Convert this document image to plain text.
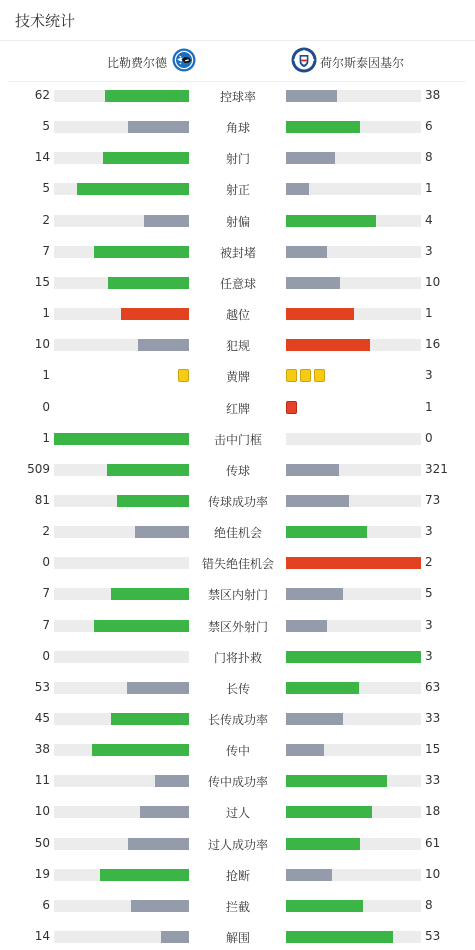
技术统计
比勒费尔德	荷尔斯泰因基尔
62	控球率	38
5	角球	6
14	射门	8
5	射正	1
2	射偏	4
7	被封堵	3
15	任意球	10
1	越位	1
10	犯规	16
1	黄牌	3
0	红牌	1
1	击中门框	0
509	传球	321
81	传球成功率	73
2	绝佳机会	3
0	错失绝佳机会	2
7	禁区内射门	5
7	禁区外射门	3
0	门将扑救	3
53	长传	63
45	长传成功率	33
38	传中	15
11	传中成功率	33
10	过人	18
50	过人成功率	61
19	抢断	10
6	拦截	8
14	解围	53
